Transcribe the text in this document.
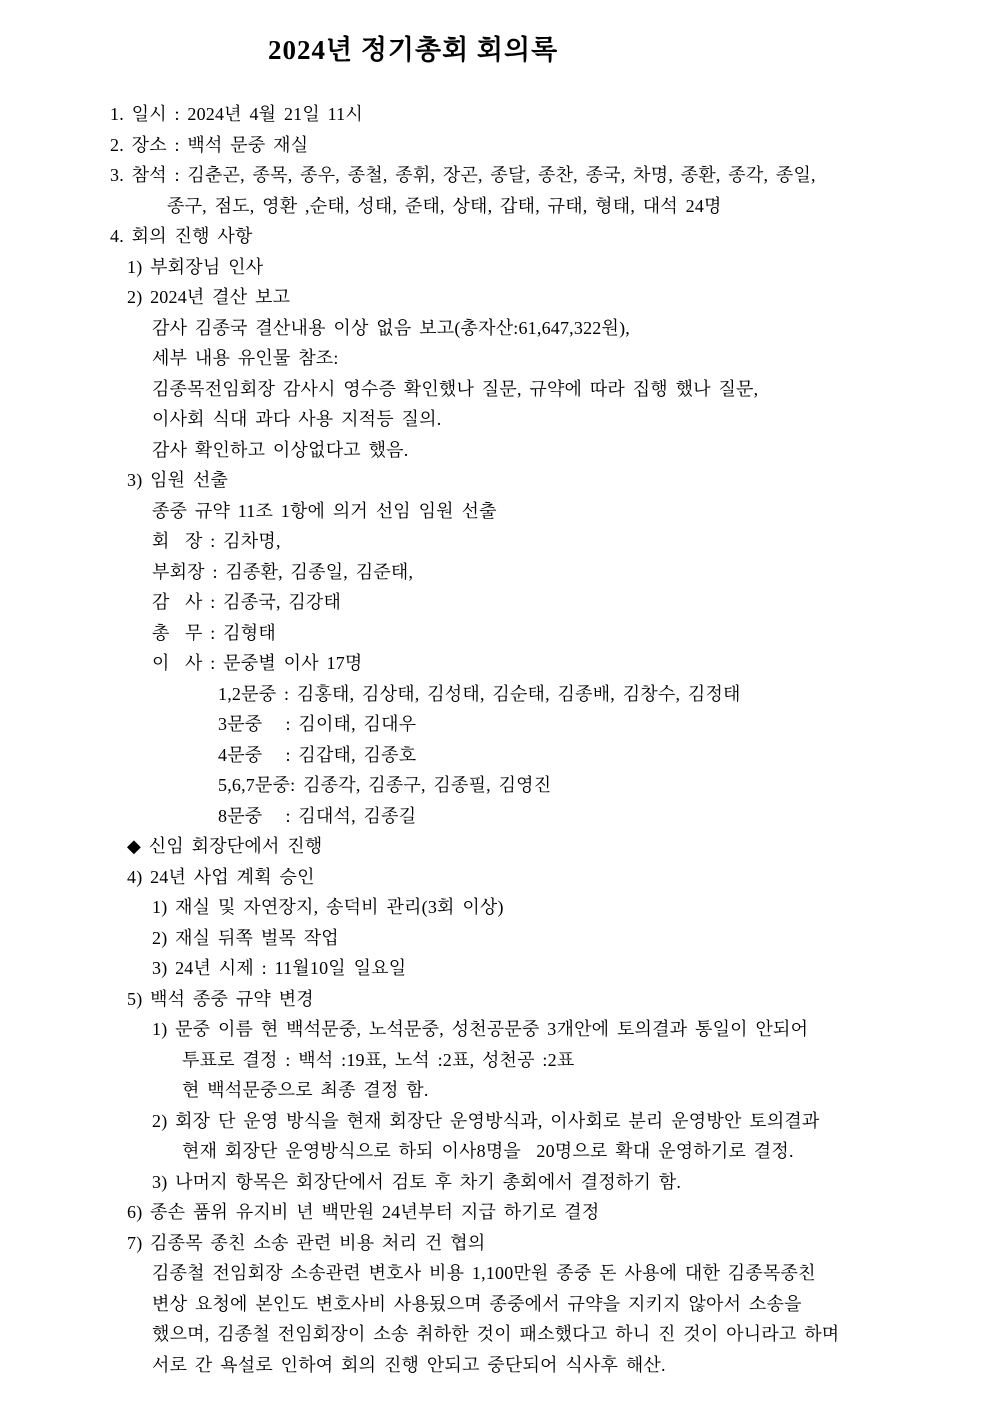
2024년 정기총회 회의록
1. 일시 : 2024년 4월 21일 11시
2. 장소 : 백석 문중 재실
3. 참석 : 김춘곤, 종목, 종우, 종철, 종휘, 장곤, 종달, 종찬, 종국, 차명, 종환, 종각, 종일,
종구, 점도, 영환 ,순태, 성태, 준태, 상태, 갑태, 규태, 형태, 대석 24명
4. 회의 진행 사항
1) 부회장님 인사
2) 2024년 결산 보고
감사 김종국 결산내용 이상 없음 보고(총자산:61,647,322원),
세부 내용 유인물 참조:
김종목전임회장 감사시 영수증 확인했나 질문, 규약에 따라 집행 했나 질문,
이사회 식대 과다 사용 지적등 질의.
감사 확인하고 이상없다고 했음.
3) 임원 선출
종중 규약 11조 1항에 의거 선임 임원 선출
회  장 : 김차명,
부회장 : 김종환, 김종일, 김준태,
감  사 : 김종국, 김강태
총  무 : 김형태
이  사 : 문중별 이사 17명
1,2문중 : 김홍태, 김상태, 김성태, 김순태, 김종배, 김창수, 김정태
3문중   : 김이태, 김대우
4문중   : 김갑태, 김종호
5,6,7문중: 김종각, 김종구, 김종필, 김영진
8문중   : 김대석, 김종길
◆ 신임 회장단에서 진행
4) 24년 사업 계획 승인
1) 재실 및 자연장지, 송덕비 관리(3회 이상)
2) 재실 뒤쪽 벌목 작업
3) 24년 시제 : 11월10일 일요일
5) 백석 종중 규약 변경
1) 문중 이름 현 백석문중, 노석문중, 성천공문중 3개안에 토의결과 통일이 안되어
투표로 결정 : 백석 :19표, 노석 :2표, 성천공 :2표
현 백석문중으로 최종 결정 함.
2) 회장 단 운영 방식을 현재 회장단 운영방식과, 이사회로 분리 운영방안 토의결과
현재 회장단 운영방식으로 하되 이사8명을  20명으로 확대 운영하기로 결정.
3) 나머지 항목은 회장단에서 검토 후 차기 총회에서 결정하기 함.
6) 종손 품위 유지비 년 백만원 24년부터 지급 하기로 결정
7) 김종목 종친 소송 관련 비용 처리 건 협의
김종철 전임회장 소송관련 변호사 비용 1,100만원 종중 돈 사용에 대한 김종목종친
변상 요청에 본인도 변호사비 사용됬으며 종중에서 규약을 지키지 않아서 소송을
했으며, 김종철 전임회장이 소송 취하한 것이 패소했다고 하니 진 것이 아니라고 하며
서로 간 욕설로 인하여 회의 진행 안되고 중단되어 식사후 해산.
